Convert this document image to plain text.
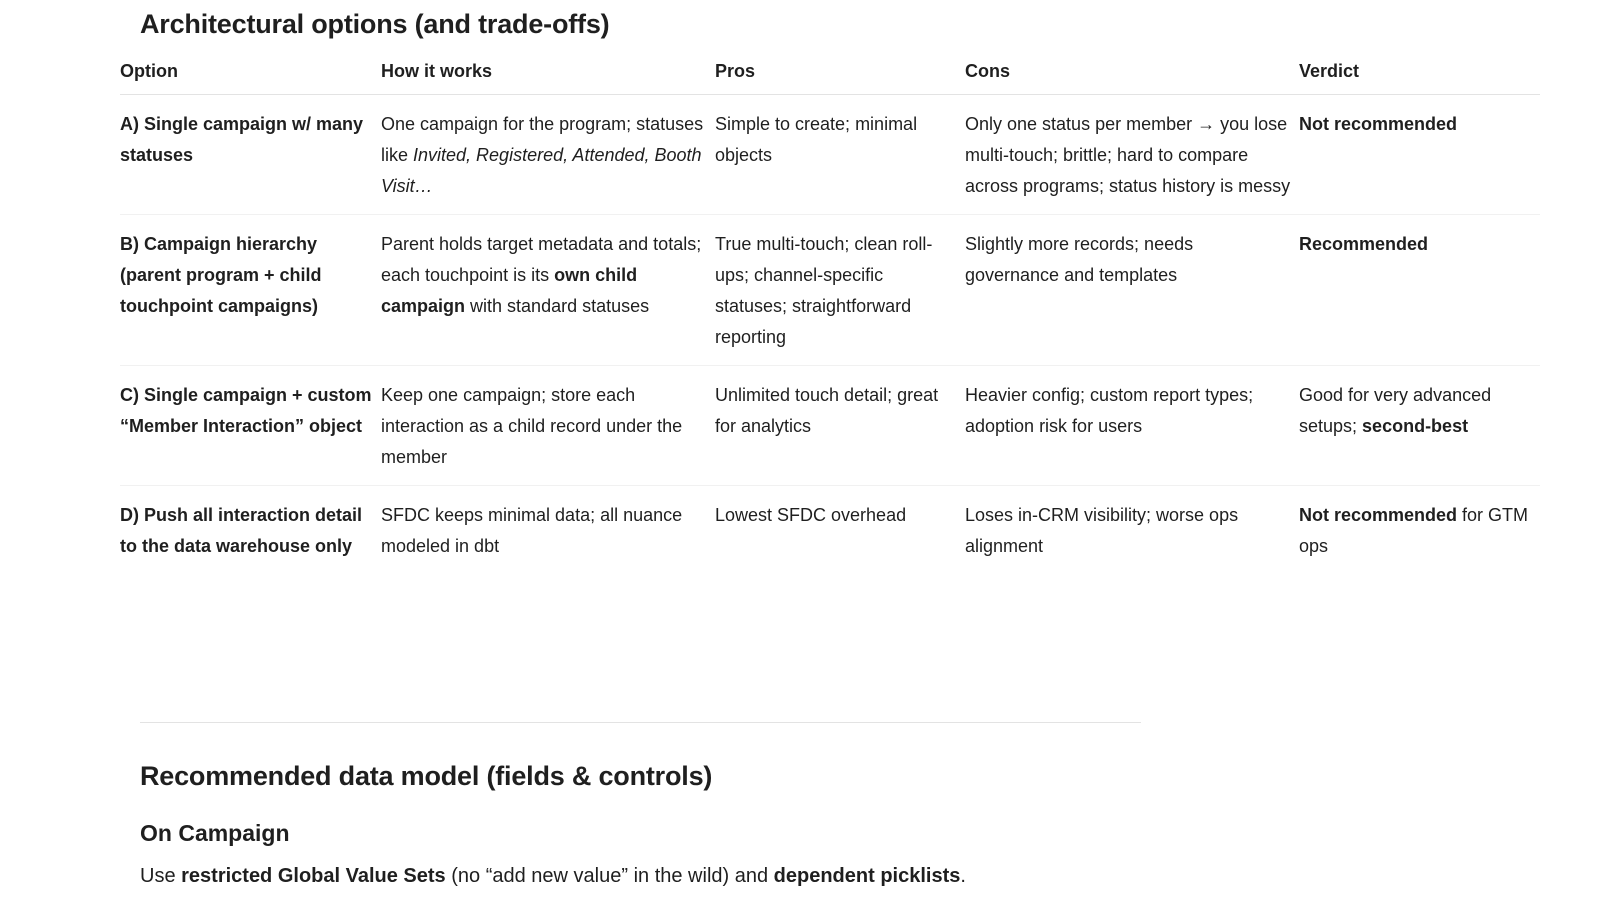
Architectural options (and trade-offs)
Option	How it works	Pros	Cons	Verdict
A) Single campaign w/ many statuses	One campaign for the program; statuses like Invited, Registered, Attended, Booth Visit…	Simple to create; minimal objects	Only one status per member → you lose multi-touch; brittle; hard to compare across programs; status history is messy	Not recommended
B) Campaign hierarchy (parent program + child touchpoint campaigns)	Parent holds target metadata and totals; each touchpoint is its own child campaign with standard statuses	True multi-touch; clean roll-ups; channel-specific statuses; straightforward reporting	Slightly more records; needs governance and templates	Recommended
C) Single campaign + custom “Member Interaction” object	Keep one campaign; store each interaction as a child record under the member	Unlimited touch detail; great for analytics	Heavier config; custom report types; adoption risk for users	Good for very advanced setups; second-best
D) Push all interaction detail to the data warehouse only	SFDC keeps minimal data; all nuance modeled in dbt	Lowest SFDC overhead	Loses in-CRM visibility; worse ops alignment	Not recommended for GTM ops
Recommended data model (fields & controls)
On Campaign

Use restricted Global Value Sets (no “add new value” in the wild) and dependent picklists.
